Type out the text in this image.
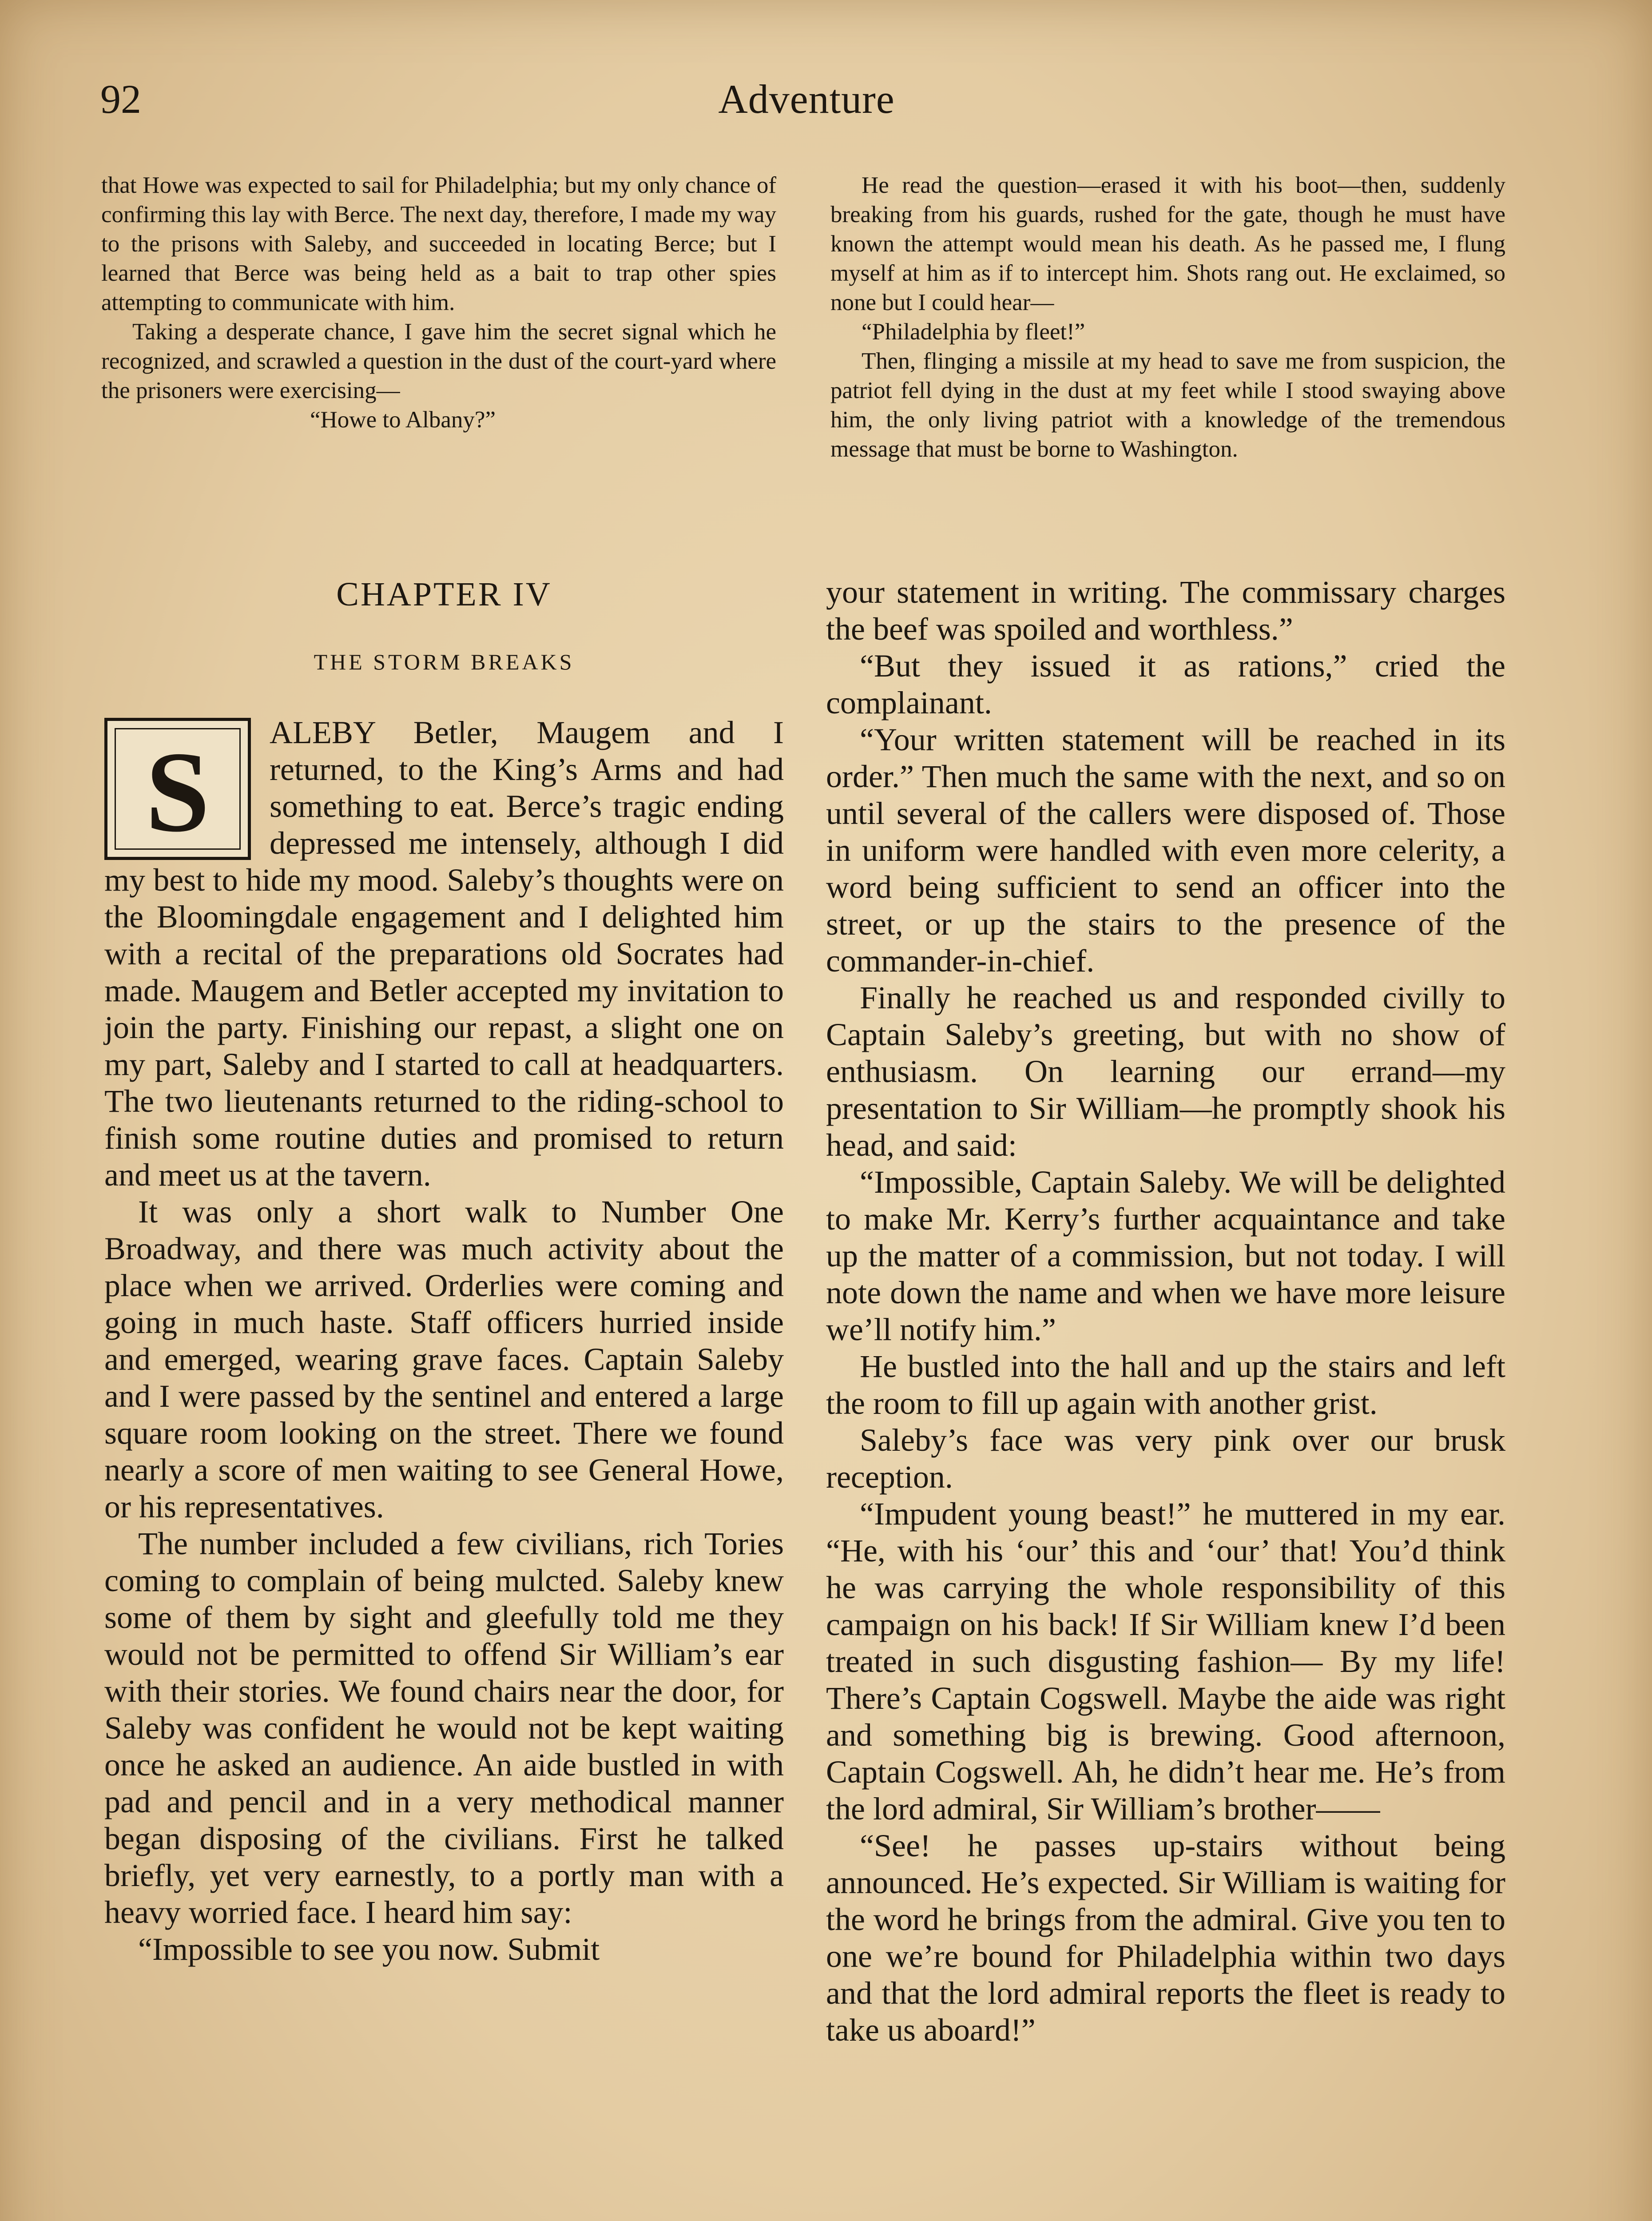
92	Adventure

that Howe was expected to sail for Philadelphia; but my only chance of confirming this lay with Berce. The next day, therefore, I made my way to the prisons with Saleby, and succeeded in locating Berce; but I learned that Berce was being held as a bait to trap other spies attempting to communicate with him.

Taking a desperate chance, I gave him the secret signal which he recognized, and scrawled a question in the dust of the court-yard where the prisoners were exercising—

“Howe to Albany?”

He read the question—erased it with his boot—then, suddenly breaking from his guards, rushed for the gate, though he must have known the attempt would mean his death. As he passed me, I flung myself at him as if to intercept him. Shots rang out. He exclaimed, so none but I could hear—

“Philadelphia by fleet!”

Then, flinging a missile at my head to save me from suspicion, the patriot fell dying in the dust at my feet while I stood swaying above him, the only living patriot with a knowledge of the tremendous message that must be borne to Washington.

CHAPTER IV
THE STORM BREAKS

S	ALEBY Betler, Maugem and I returned, to the King’s Arms and had something to eat. Berce’s tragic ending depressed me intensely, although I did my best to hide my mood. Saleby’s thoughts were on the Bloomingdale engagement and I delighted him with a recital of the preparations old Socrates had made. Maugem and Betler accepted my invitation to join the party. Finishing our repast, a slight one on my part, Saleby and I started to call at headquarters. The two lieutenants returned to the riding-school to finish some routine duties and promised to return and meet us at the tavern.

It was only a short walk to Number One Broadway, and there was much activity about the place when we arrived. Orderlies were coming and going in much haste. Staff officers hurried inside and emerged, wearing grave faces. Captain Saleby and I were passed by the sentinel and entered a large square room looking on the street. There we found nearly a score of men waiting to see General Howe, or his representatives.

The number included a few civilians, rich Tories coming to complain of being mulcted. Saleby knew some of them by sight and gleefully told me they would not be permitted to offend Sir William’s ear with their stories. We found chairs near the door, for Saleby was confident he would not be kept waiting once he asked an audience. An aide bustled in with pad and pencil and in a very methodical manner began disposing of the civilians. First he talked briefly, yet very earnestly, to a portly man with a heavy worried face. I heard him say:

“Impossible to see you now. Submit

your statement in writing. The commissary charges the beef was spoiled and worthless.”

“But they issued it as rations,” cried the complainant.

“Your written statement will be reached in its order.” Then much the same with the next, and so on until several of the callers were disposed of. Those in uniform were handled with even more celerity, a word being sufficient to send an officer into the street, or up the stairs to the presence of the commander-in-chief.

Finally he reached us and responded civilly to Captain Saleby’s greeting, but with no show of enthusiasm. On learning our errand—my presentation to Sir William—he promptly shook his head, and said:

“Impossible, Captain Saleby. We will be delighted to make Mr. Kerry’s further acquaintance and take up the matter of a commission, but not today. I will note down the name and when we have more leisure we’ll notify him.”

He bustled into the hall and up the stairs and left the room to fill up again with another grist.

Saleby’s face was very pink over our brusk reception.

“Impudent young beast!” he muttered in my ear. “He, with his ‘our’ this and ‘our’ that! You’d think he was carrying the whole responsibility of this campaign on his back! If Sir William knew I’d been treated in such disgusting fashion— By my life! There’s Captain Cogswell. Maybe the aide was right and something big is brewing. Good afternoon, Captain Cogswell. Ah, he didn’t hear me. He’s from the lord admiral, Sir William’s brother——

“See! he passes up-stairs without being announced. He’s expected. Sir William is waiting for the word he brings from the admiral. Give you ten to one we’re bound for Philadelphia within two days and that the lord admiral reports the fleet is ready to take us aboard!”
